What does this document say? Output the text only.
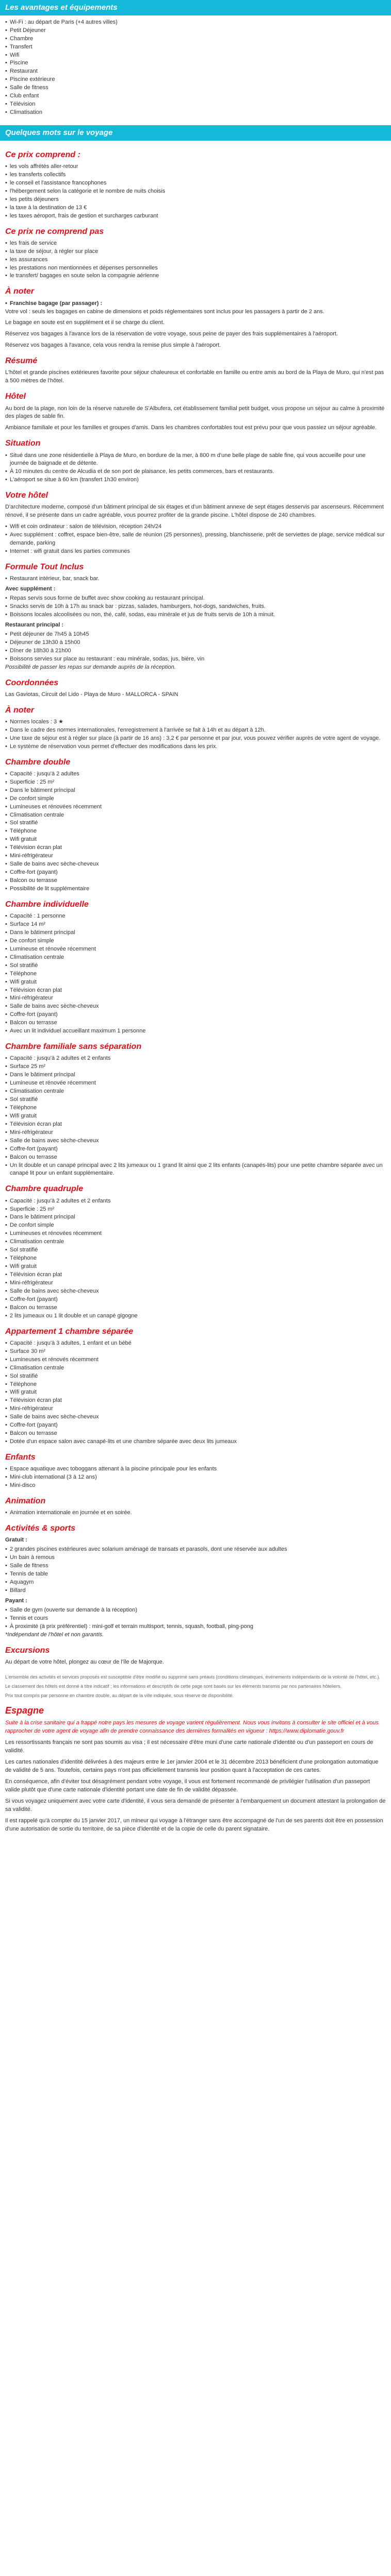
Les avantages et équipements
• Wi-Fi : au départ de Paris (+4 autres villes)
• Petit Déjeuner
• Chambre
• Transfert
• Wifi
• Piscine
• Restaurant
• Piscine extérieure
• Salle de fitness
• Club enfant
• Télévision
• Climatisation
Quelques mots sur le voyage
Ce prix comprend :
• les vols affrétés aller-retour
• les transferts collectifs
• le conseil et l'assistance francophones
• l'hébergement selon la catégorie et le nombre de nuits choisis
• les petits déjeuners
• la taxe à la destination de 13 €
• les taxes aéroport, frais de gestion et surcharges carburant
Ce prix ne comprend pas
• les frais de service
• la taxe de séjour, à régler sur place
• les assurances
• les prestations non mentionnées et dépenses personnelles
• le transfert/ bagages en soute selon la compagnie aérienne
À noter
• Franchise bagage (par passager) :

Votre vol : seuls les bagages en cabine de dimensions et poids réglementaires sont inclus pour les passagers à partir de 2 ans.

Le bagage en soute est en supplément et il se charge du client.

Réservez vos bagages à l'avance lors de la réservation de votre voyage, sous peine de payer des frais supplémentaires à l'aéroport.

Réservez vos bagages à l'avance, cela vous rendra la remise plus simple à l'aéroport.

Résumé

L'hôtel et grande piscines extérieures favorite pour séjour chaleureux et confortable en famille ou entre amis au bord de la Playa de Muro, qui n'est pas à 500 mètres de l'hôtel.

Hôtel

Au bord de la plage, non loin de la réserve naturelle de S'Albufera, cet établissement familial petit budget, vous propose un séjour au calme à proximité des plages de sable fin.

Ambiance familiale et pour les familles et groupes d'amis. Dans les chambres confortables tout est prévu pour que vous passiez un séjour agréable.

Situation
• Situé dans une zone résidentielle à Playa de Muro, en bordure de la mer, à 800 m d'une belle plage de sable fine, qui vous accueille pour une journée de baignade et de détente.
• À 10 minutes du centre de Alcudia et de son port de plaisance, les petits commerces, bars et restaurants.
• L'aéroport se situe à 60 km (transfert 1h30 environ)
Votre hôtel

D'architecture moderne, composé d'un bâtiment principal de six étages et d'un bâtiment annexe de sept étages desservis par ascenseurs. Récemment rénové, il se présente dans un cadre agréable, vous pourrez profiter de la grande piscine. L'hôtel dispose de 240 chambres.

• Wifi et coin ordinateur : salon de télévision, réception 24h/24
• Avec supplément : coffret, espace bien-être, salle de réunion (25 personnes), pressing, blanchisserie, prêt de serviettes de plage, service médical sur demande, parking
• Internet : wifi gratuit dans les parties communes
Formule Tout Inclus
• Restaurant intérieur, bar, snack bar.
Avec supplément :
• Repas servis sous forme de buffet avec show cooking au restaurant principal.
• Snacks servis de 10h à 17h au snack bar : pizzas, salades, hamburgers, hot-dogs, sandwiches, fruits.
• Boissons locales alcoolisées ou non, thé, café, sodas, eau minérale et jus de fruits servis de 10h à minuit.
Restaurant principal :
• Petit déjeuner de 7h45 à 10h45
• Déjeuner de 13h30 à 15h00
• Dîner de 18h30 à 21h00
• Boissons servies sur place au restaurant : eau minérale, sodas, jus, bière, vin

Possibilité de passer les repas sur demande auprès de la réception.

Coordonnées

Las Gaviotas, Circuit del Lido - Playa de Muro - MALLORCA - SPAIN

À noter
• Normes locales : 3 ★
• Dans le cadre des normes internationales, l'enregistrement à l'arrivée se fait à 14h et au départ à 12h.
• Une taxe de séjour est à régler sur place (à partir de 16 ans) : 3,2 € par personne et par jour, vous pouvez vérifier auprès de votre agent de voyage.
• Le système de réservation vous permet d'effectuer des modifications dans les prix.
Chambre double
• Capacité : jusqu'à 2 adultes
• Superficie : 25 m²
• Dans le bâtiment principal
• De confort simple
• Lumineuses et rénovées récemment
• Climatisation centrale
• Sol stratifié
• Téléphone
• Wifi gratuit
• Télévision écran plat
• Mini-réfrigérateur
• Salle de bains avec sèche-cheveux
• Coffre-fort (payant)
• Balcon ou terrasse
• Possibilité de lit supplémentaire
Chambre individuelle
• Capacité : 1 personne
• Surface 14 m²
• Dans le bâtiment principal
• De confort simple
• Lumineuse et rénovée récemment
• Climatisation centrale
• Sol stratifié
• Téléphone
• Wifi gratuit
• Télévision écran plat
• Mini-réfrigérateur
• Salle de bains avec sèche-cheveux
• Coffre-fort (payant)
• Balcon ou terrasse
• Avec un lit individuel accueillant maximum 1 personne
Chambre familiale sans séparation
• Capacité : jusqu'à 2 adultes et 2 enfants
• Surface 25 m²
• Dans le bâtiment principal
• Lumineuse et rénovée récemment
• Climatisation centrale
• Sol stratifié
• Téléphone
• Wifi gratuit
• Télévision écran plat
• Mini-réfrigérateur
• Salle de bains avec sèche-cheveux
• Coffre-fort (payant)
• Balcon ou terrasse
• Un lit double et un canapé principal avec 2 lits jumeaux ou 1 grand lit ainsi que 2 lits enfants (canapés-lits) pour une petite chambre séparée avec un canapé lit pour un enfant supplémentaire.
Chambre quadruple
• Capacité : jusqu'à 2 adultes et 2 enfants
• Superficie : 25 m²
• Dans le bâtiment principal
• De confort simple
• Lumineuses et rénovées récemment
• Climatisation centrale
• Sol stratifié
• Téléphone
• Wifi gratuit
• Télévision écran plat
• Mini-réfrigérateur
• Salle de bains avec sèche-cheveux
• Coffre-fort (payant)
• Balcon ou terrasse
• 2 lits jumeaux ou 1 lit double et un canapé gigogne
Appartement 1 chambre séparée
• Capacité : jusqu'à 3 adultes, 1 enfant et un bébé
• Surface 30 m²
• Lumineuses et rénovés récemment
• Climatisation centrale
• Sol stratifié
• Téléphone
• Wifi gratuit
• Télévision écran plat
• Mini-réfrigérateur
• Salle de bains avec sèche-cheveux
• Coffre-fort (payant)
• Balcon ou terrasse
• Dotée d'un espace salon avec canapé-lits et une chambre séparée avec deux lits jumeaux
Enfants
• Espace aquatique avec toboggans attenant à la piscine principale pour les enfants
• Mini-club international (3 à 12 ans)
• Mini-disco
Animation
• Animation internationale en journée et en soirée.
Activités & sports
Gratuit :
• 2 grandes piscines extérieures avec solarium aménagé de transats et parasols, dont une réservée aux adultes
• Un bain à remous
• Salle de fitness
• Tennis de table
• Aquagym
• Billard
Payant :
• Salle de gym (ouverte sur demande à la réception)
• Tennis et cours
• À proximité (à prix préférentiel) : mini-golf et terrain multisport, tennis, squash, football, ping-pong

*Indépendant de l'hôtel et non garantis.

Excursions

Au départ de votre hôtel, plongez au cœur de l'île de Majorque.

L'ensemble des activités et services proposés est susceptible d'être modifié ou supprimé sans préavis (conditions climatiques, événements indépendants de la volonté de l'hôtel, etc.).

Le classement des hôtels est donné à titre indicatif ; les informations et descriptifs de cette page sont basés sur les éléments transmis par nos partenaires hôteliers.

Prix tout compris par personne en chambre double, au départ de la ville indiquée, sous réserve de disponibilité.

Espagne

Suite à la crise sanitaire qui a frappé notre pays les mesures de voyage varient régulièrement. Nous vous invitons à consulter le site officiel et à vous rapprocher de votre agent de voyage afin de prendre connaissance des dernières formalités en vigueur : https://www.diplomatie.gouv.fr

Les ressortissants français ne sont pas soumis au visa ; il est nécessaire d'être muni d'une carte nationale d'identité ou d'un passeport en cours de validité.

Les cartes nationales d'identité délivrées à des majeurs entre le 1er janvier 2004 et le 31 décembre 2013 bénéficient d'une prolongation automatique de validité de 5 ans. Toutefois, certains pays n'ont pas officiellement transmis leur position quant à l'acceptation de ces cartes.

En conséquence, afin d'éviter tout désagrément pendant votre voyage, il vous est fortement recommandé de privilégier l'utilisation d'un passeport valide plutôt que d'une carte nationale d'identité portant une date de fin de validité dépassée.

Si vous voyagez uniquement avec votre carte d'identité, il vous sera demandé de présenter à l'embarquement un document attestant la prolongation de sa validité.

Il est rappelé qu'à compter du 15 janvier 2017, un mineur qui voyage à l'étranger sans être accompagné de l'un de ses parents doit être en possession d'une autorisation de sortie du territoire, de sa pièce d'identité et de la copie de celle du parent signataire.
